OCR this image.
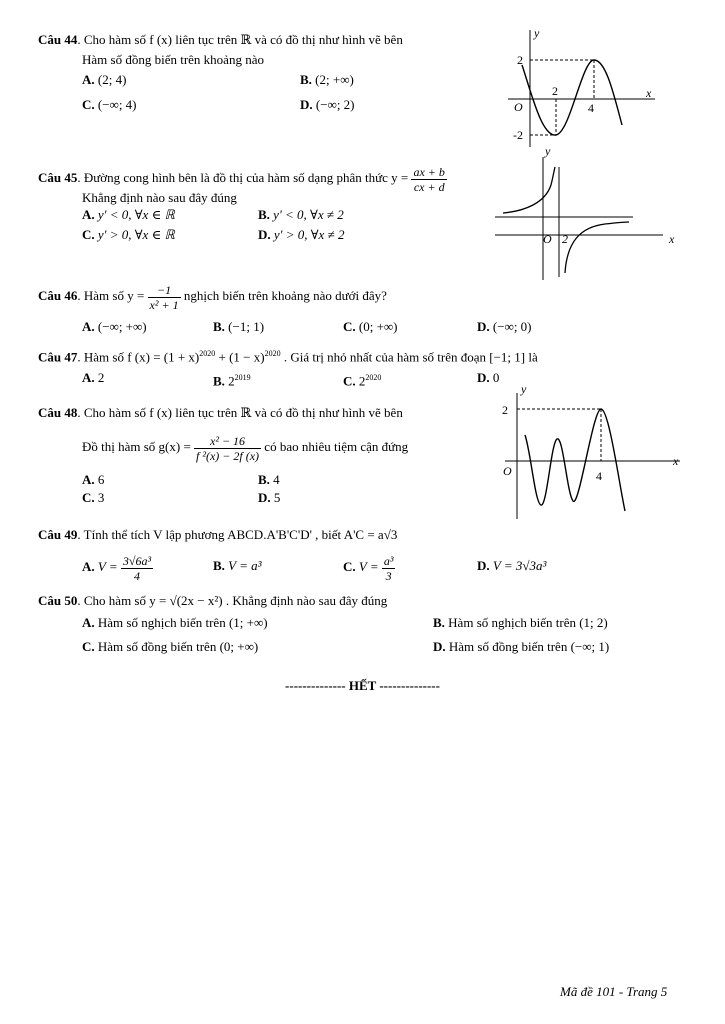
Câu 44. Cho hàm số f (x) liên tục trên ℝ và có đồ thị như hình vẽ bên
Hàm số đồng biến trên khoảng nào
A. (2; 4)	B. (2; +∞)
C. (−∞; 4)	D. (−∞; 2)
y
x
O
2
2
4
-2
Câu 45. Đường cong hình bên là đồ thị của hàm số dạng phân thức $y = \frac{ax + b}{cx + d}$
Khẳng định nào sau đây đúng
A. y' < 0, ∀x ∈ ℝ	B. y' < 0, ∀x ≠ 2
C. y' > 0, ∀x ∈ ℝ	D. y' > 0, ∀x ≠ 2
y
x
O 2
Câu 46. Hàm số $y = \frac{-1}{\text{x² + 1}}$ nghịch biến trên khoảng nào dưới đây?
A. (−∞; +∞)	B. (−1; 1)	C. (0; +∞)	D. (−∞; 0)
Câu 47. Hàm số f $(x) = (1 + x)^{2020} + (1 - x)^{2020}$ . Giá trị nhỏ nhất của hàm số trên đoạn [−1; 1] là
A. 2	B. $2^{2019}$	C. $2^{2020}$	D. 0
Câu 48. Cho hàm số f (x) liên tục trên ℝ và có đồ thị như hình vẽ bên
Đồ thị hàm số $g(x) = \frac{\text{x² − 16}}{\text{f ²(x) − 2f (x)}}$ có bao nhiêu tiệm cận đứng
A. 6	B. 4
C. 3	D. 5
y
x
O
2
4
Câu 49. Tính thể tích V lập phương ABCD.A'B'C'D' , biết A'C = a√3
A. $V = \frac{\text{3√6a³}}{4}$	B. V = a³	C. $V = \frac{\text{a³}}{3}$	D. V = 3√3a³
Câu 50. Cho hàm số y = √(2x − x²) . Khẳng định nào sau đây đúng
A. Hàm số nghịch biến trên (1; +∞)	B. Hàm số nghịch biến trên (1; 2)
C. Hàm số đồng biến trên (0; +∞)	D. Hàm số đồng biến trên (−∞; 1)
-------------- HẾT --------------
Mã đề 101 - Trang 5
